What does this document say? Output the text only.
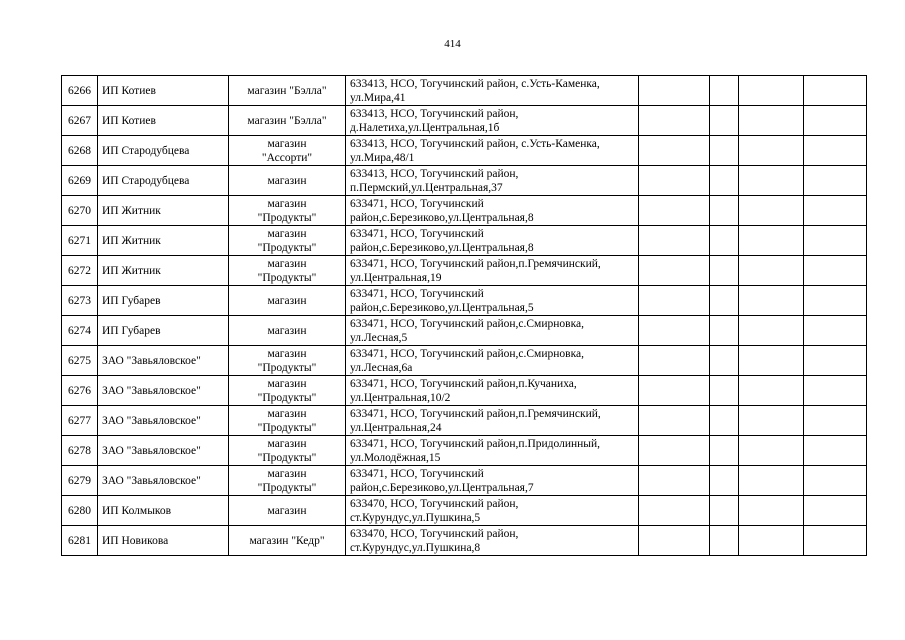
414
6266	ИП Котиев	магазин "Бэлла"	633413, НСО, Тогучинский район, с.Усть-Каменка,
ул.Мира,41				

6267	ИП Котиев	магазин "Бэлла"	633413, НСО, Тогучинский район,
д.Налетиха,ул.Центральная,1б				

6268	ИП Стародубцева	магазин
"Ассорти"	633413, НСО, Тогучинский район, с.Усть-Каменка,
ул.Мира,48/1				

6269	ИП Стародубцева	магазин	633413, НСО, Тогучинский район,
п.Пермский,ул.Центральная,37				

6270	ИП Житник	магазин
"Продукты"	633471, НСО, Тогучинский
район,с.Березиково,ул.Центральная,8				

6271	ИП Житник	магазин
"Продукты"	633471, НСО, Тогучинский
район,с.Березиково,ул.Центральная,8				

6272	ИП Житник	магазин
"Продукты"	633471, НСО, Тогучинский район,п.Гремячинский,
ул.Центральная,19				

6273	ИП Губарев	магазин	633471, НСО, Тогучинский
район,с.Березиково,ул.Центральная,5				

6274	ИП Губарев	магазин	633471, НСО, Тогучинский район,с.Смирновка,
ул.Лесная,5				

6275	ЗАО "Завьяловское"	магазин
"Продукты"	633471, НСО, Тогучинский район,с.Смирновка,
ул.Лесная,6а				

6276	ЗАО "Завьяловское"	магазин
"Продукты"	633471, НСО, Тогучинский район,п.Кучаниха,
ул.Центральная,10/2				

6277	ЗАО "Завьяловское"	магазин
"Продукты"	633471, НСО, Тогучинский район,п.Гремячинский,
ул.Центральная,24				

6278	ЗАО "Завьяловское"	магазин
"Продукты"	633471, НСО, Тогучинский район,п.Придолинный,
ул.Молодёжная,15				

6279	ЗАО "Завьяловское"	магазин
"Продукты"	633471, НСО, Тогучинский
район,с.Березиково,ул.Центральная,7				

6280	ИП Колмыков	магазин	633470, НСО, Тогучинский район,
ст.Курундус,ул.Пушкина,5				

6281	ИП Новикова	магазин "Кедр"	633470, НСО, Тогучинский район,
ст.Курундус,ул.Пушкина,8				
